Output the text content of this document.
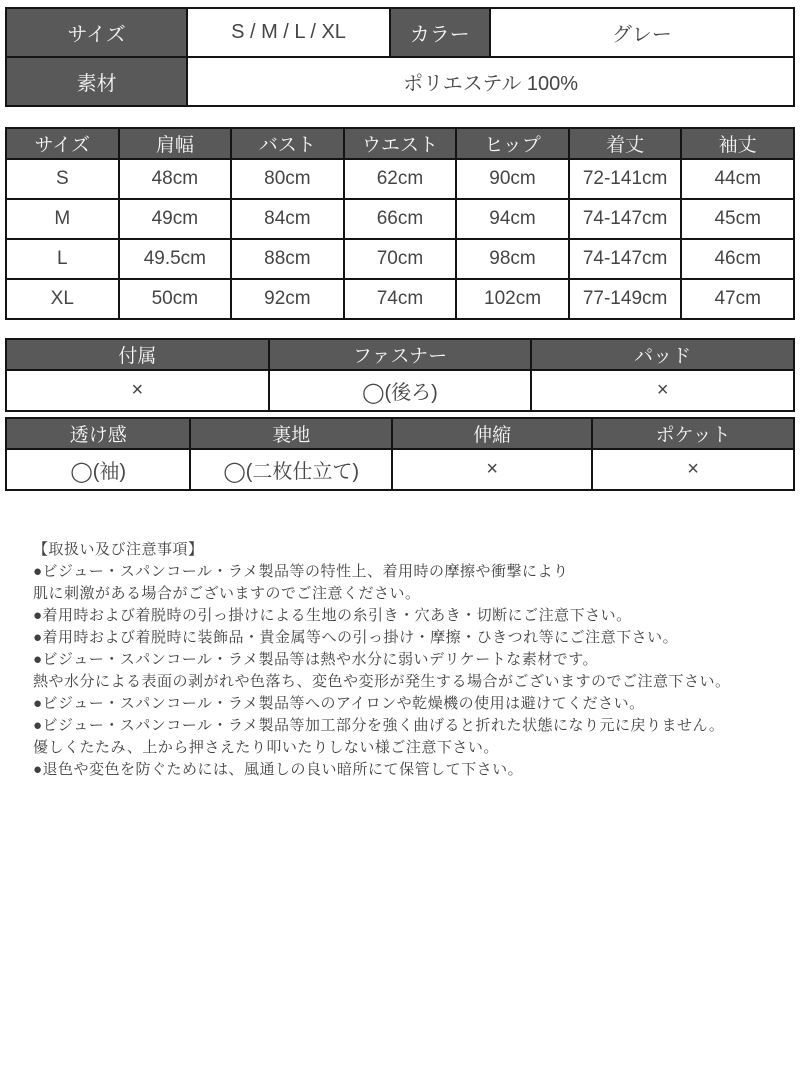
サイズ	S / M / L / XL	カラー	グレー
素材	ポリエステル 100%		
サイズ	肩幅	バスト	ウエスト	ヒップ	着丈	袖丈
S	48cm	80cm	62cm	90cm	72-141cm	44cm
M	49cm	84cm	66cm	94cm	74-147cm	45cm
L	49.5cm	88cm	70cm	98cm	74-147cm	46cm
XL	50cm	92cm	74cm	102cm	77-149cm	47cm
付属	ファスナー	パッド
×	◯(後ろ)	×
透け感	裏地	伸縮	ポケット
◯(袖)	◯(二枚仕立て)	×	×
【取扱い及び注意事項】
●ビジュー・スパンコール・ラメ製品等の特性上、着用時の摩擦や衝撃により
肌に刺激がある場合がございますのでご注意ください。
●着用時および着脱時の引っ掛けによる生地の糸引き・穴あき・切断にご注意下さい。
●着用時および着脱時に装飾品・貴金属等への引っ掛け・摩擦・ひきつれ等にご注意下さい。
●ビジュー・スパンコール・ラメ製品等は熱や水分に弱いデリケートな素材です。
熱や水分による表面の剥がれや色落ち、変色や変形が発生する場合がございますのでご注意下さい。
●ビジュー・スパンコール・ラメ製品等へのアイロンや乾燥機の使用は避けてください。
●ビジュー・スパンコール・ラメ製品等加工部分を強く曲げると折れた状態になり元に戻りません。
優しくたたみ、上から押さえたり叩いたりしない様ご注意下さい。
●退色や変色を防ぐためには、風通しの良い暗所にて保管して下さい。
